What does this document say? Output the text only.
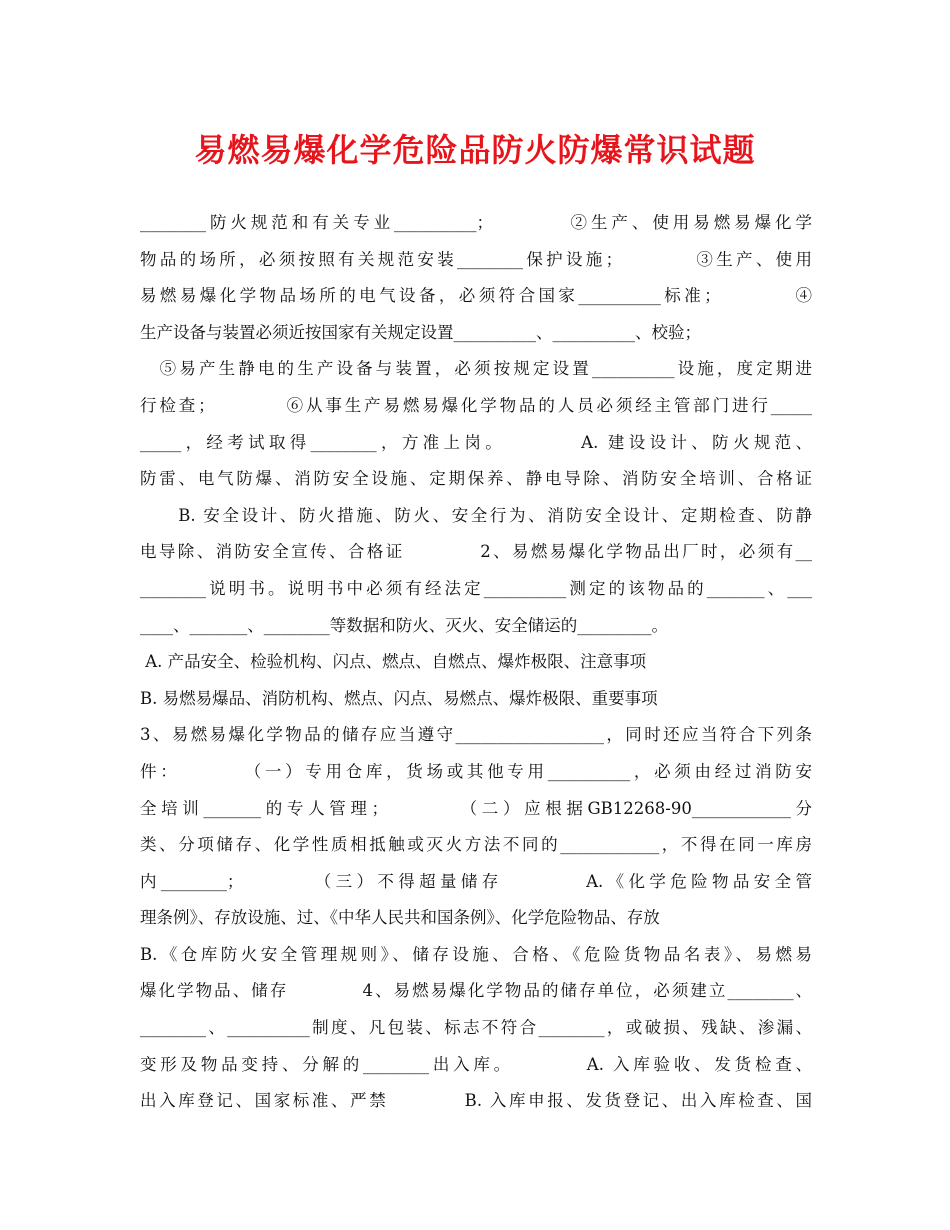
易燃易爆化学危险品防火防爆常识试题
________防火规范和有关专业__________；　　　　②生产、使用易燃易爆化学
物品的场所，必须按照有关规范安装________保护设施；　　　　③生产、使用
易燃易爆化学物品场所的电气设备，必须符合国家__________标准；　　　　④
生产设备与装置必须近按国家有关规定设置__________、__________、校验；
　⑤易产生静电的生产设备与装置，必须按规定设置__________设施，度定期进
行检查；　　　　⑥从事生产易燃易爆化学物品的人员必须经主管部门进行_____
_____，经考试取得________，方准上岗。　　　　A. 建设设计、防火规范、
防雷、电气防爆、消防安全设施、定期保养、静电导除、消防安全培训、合格证
　　B. 安全设计、防火措施、防火、安全行为、消防安全设计、定期检查、防静
电导除、消防安全宣传、合格证　　　　2、易燃易爆化学物品出厂时，必须有__
________说明书。说明书中必须有经法定__________测定的该物品的_______、___
____、_______、________等数据和防火、灭火、安全储运的_________。
A. 产品安全、检验机构、闪点、燃点、自燃点、爆炸极限、注意事项
B. 易燃易爆品、消防机构、燃点、闪点、易燃点、爆炸极限、重要事项
3、易燃易爆化学物品的储存应当遵守__________________，同时还应当符合下列条
件：　　　　（一）专用仓库，货场或其他专用__________，必须由经过消防安
全培训_______的专人管理；　　　　（二）应根据GB12268-90____________分
类、分项储存、化学性质相抵触或灭火方法不同的____________，不得在同一库房
内________；　　　　（三）不得超量储存　　　　A.《化学危险物品安全管
理条例》、存放设施、过、《中华人民共和国条例》、化学危险物品、存放
B.《仓库防火安全管理规则》、储存设施、合格、《危险货物品名表》、易燃易
爆化学物品、储存　　　　4、易燃易爆化学物品的储存单位，必须建立________、
________、__________制度、凡包装、标志不符合________，或破损、残缺、渗漏、
变形及物品变持、分解的________出入库。　　　　A. 入库验收、发货检查、
出入库登记、国家标准、严禁　　　　B. 入库申报、发货登记、出入库检查、国
